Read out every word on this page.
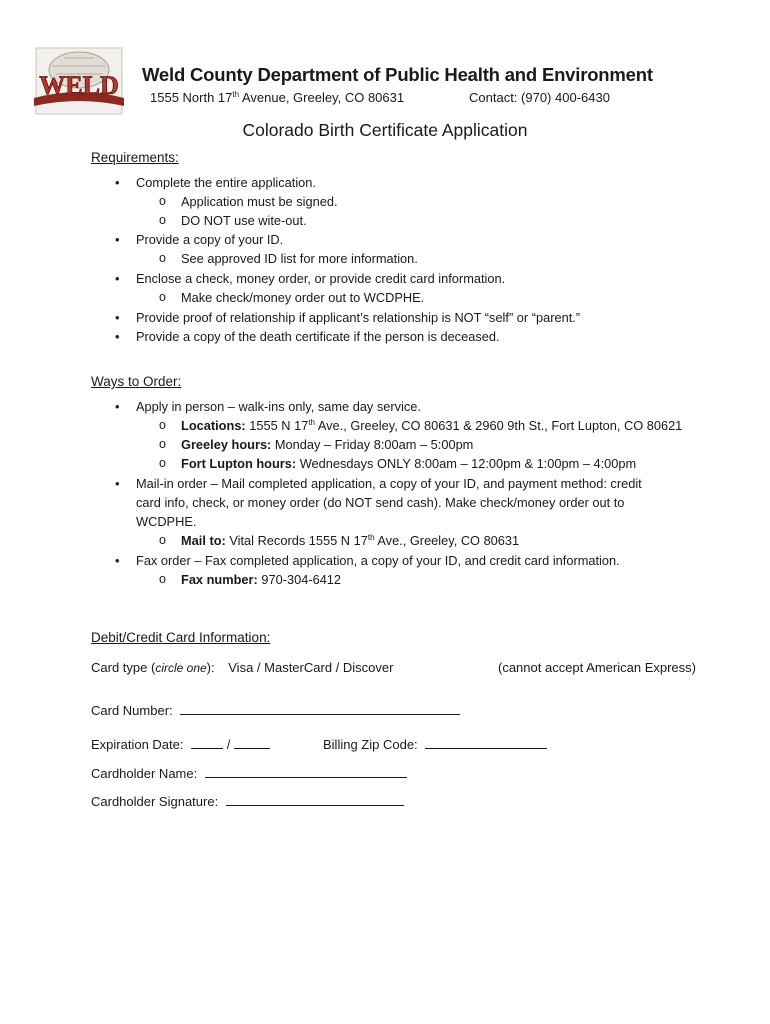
WELD Weld County Department of Public Health and Environment
1555 North 17th Avenue, Greeley, CO 80631	Contact: (970) 400-6430
Colorado Birth Certificate Application
Requirements:
• Complete the entire application.
o Application must be signed.
o DO NOT use wite-out.
• Provide a copy of your ID.
o See approved ID list for more information.
• Enclose a check, money order, or provide credit card information.
o Make check/money order out to WCDPHE.
• Provide proof of relationship if applicant’s relationship is NOT “self” or “parent.”
• Provide a copy of the death certificate if the person is deceased.
Ways to Order:
• Apply in person – walk-ins only, same day service.
o Locations: 1555 N 17th Ave., Greeley, CO 80631 & 2960 9th St., Fort Lupton, CO 80621
o Greeley hours: Monday – Friday 8:00am – 5:00pm
o Fort Lupton hours: Wednesdays ONLY 8:00am – 12:00pm & 1:00pm – 4:00pm
• Mail-in order – Mail completed application, a copy of your ID, and payment method: credit
card info, check, or money order (do NOT send cash). Make check/money order out to
WCDPHE.
o Mail to: Vital Records 1555 N 17th Ave., Greeley, CO 80631
• Fax order – Fax completed application, a copy of your ID, and credit card information.
o Fax number: 970-304-6412
Debit/Credit Card Information:
Card type (circle one): Visa / MasterCard / Discover	(cannot accept American Express)
Card Number:
Expiration Date:	/	Billing Zip Code:
Cardholder Name:
Cardholder Signature:
